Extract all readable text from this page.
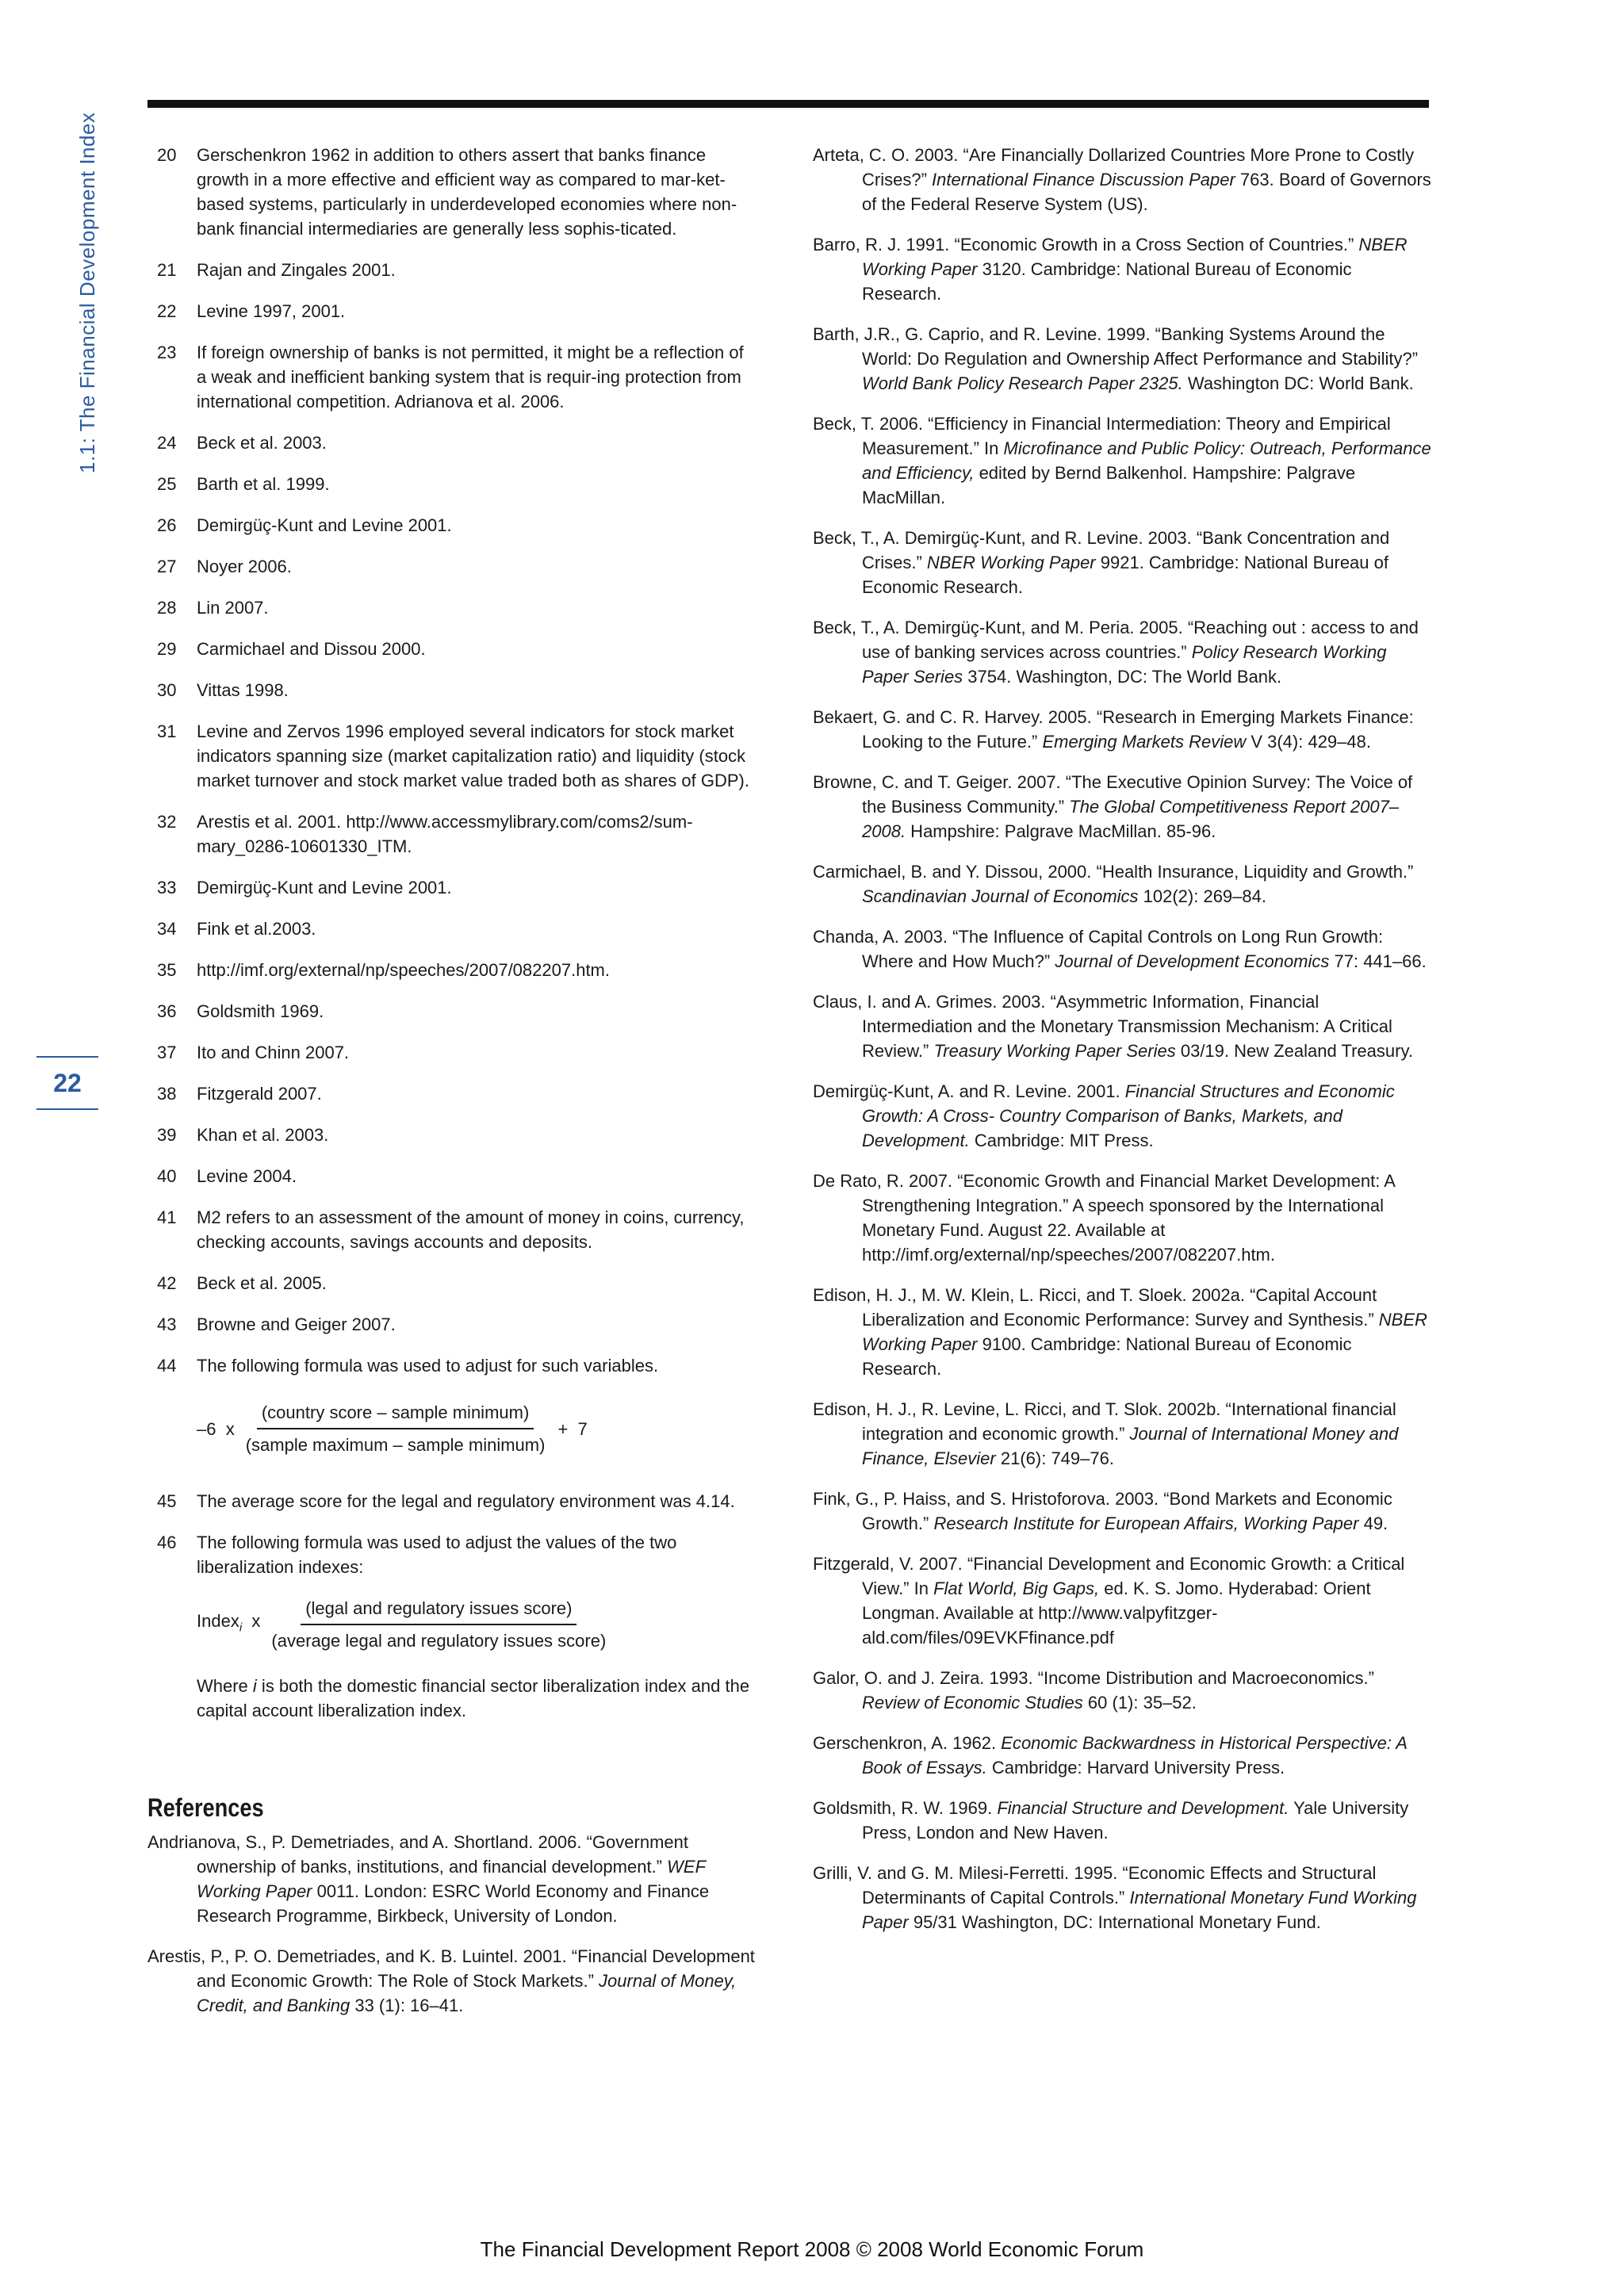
1.1: The Financial Development Index
22
20	Gerschenkron 1962 in addition to others assert that banks finance growth in a more effective and efficient way as compared to mar-ket-based systems, particularly in underdeveloped economies where non-bank financial intermediaries are generally less sophis-ticated.
21	Rajan and Zingales 2001.
22	Levine 1997, 2001.
23	If foreign ownership of banks is not permitted, it might be a reflection of a weak and inefficient banking system that is requir-ing protection from international competition. Adrianova et al. 2006.
24	Beck et al. 2003.
25	Barth et al. 1999.
26	Demirgüç-Kunt and Levine 2001.
27	Noyer 2006.
28	Lin 2007.
29	Carmichael and Dissou 2000.
30	Vittas 1998.
31	Levine and Zervos 1996 employed several indicators for stock market indicators spanning size (market capitalization ratio) and liquidity (stock market turnover and stock market value traded both as shares of GDP).
32	Arestis et al. 2001. http://www.accessmylibrary.com/coms2/sum-mary_0286-10601330_ITM.
33	Demirgüç-Kunt and Levine 2001.
34	Fink et al.2003.
35	http://imf.org/external/np/speeches/2007/082207.htm.
36	Goldsmith 1969.
37	Ito and Chinn 2007.
38	Fitzgerald 2007.
39	Khan et al. 2003.
40	Levine 2004.
41	M2 refers to an assessment of the amount of money in coins, currency, checking accounts, savings accounts and deposits.
42	Beck et al. 2005.
43	Browne and Geiger 2007.
44	The following formula was used to adjust for such variables.
–6  x $\frac{\text{(country score – sample minimum)}}{\text{(sample maximum – sample minimum)}} + 7$
45	The average score for the legal and regulatory environment was 4.14.
46	The following formula was used to adjust the values of the two liberalization indexes:
Index$_i$  x $\frac{\text{(legal and regulatory issues score)}}{\text{(average legal and regulatory issues score)}}$
Where i is both the domestic financial sector liberalization index and the capital account liberalization index.
References
Andrianova, S., P. Demetriades, and A. Shortland. 2006. “Government ownership of banks, institutions, and financial development.” WEF Working Paper 0011. London: ESRC World Economy and Finance Research Programme, Birkbeck, University of London.
Arestis, P., P. O. Demetriades, and K. B. Luintel. 2001. “Financial Development and Economic Growth: The Role of Stock Markets.” Journal of Money, Credit, and Banking 33 (1): 16–41.
Arteta, C. O. 2003. “Are Financially Dollarized Countries More Prone to Costly Crises?” International Finance Discussion Paper 763. Board of Governors of the Federal Reserve System (US).
Barro, R. J. 1991. “Economic Growth in a Cross Section of Countries.” NBER Working Paper 3120. Cambridge: National Bureau of Economic Research.
Barth, J.R., G. Caprio, and R. Levine. 1999. “Banking Systems Around the World: Do Regulation and Ownership Affect Performance and Stability?” World Bank Policy Research Paper 2325. Washington DC: World Bank.
Beck, T. 2006. “Efficiency in Financial Intermediation: Theory and Empirical Measurement.” In Microfinance and Public Policy: Outreach, Performance and Efficiency, edited by Bernd Balkenhol. Hampshire: Palgrave MacMillan.
Beck, T., A. Demirgüç-Kunt, and R. Levine. 2003. “Bank Concentration and Crises.” NBER Working Paper 9921. Cambridge: National Bureau of Economic Research.
Beck, T., A. Demirgüç-Kunt, and M. Peria. 2005. “Reaching out : access to and use of banking services across countries.” Policy Research Working Paper Series 3754. Washington, DC: The World Bank.
Bekaert, G. and C. R. Harvey. 2005. “Research in Emerging Markets Finance: Looking to the Future.” Emerging Markets Review V 3(4): 429–48.
Browne, C. and T. Geiger. 2007. “The Executive Opinion Survey: The Voice of the Business Community.” The Global Competitiveness Report 2007–2008. Hampshire: Palgrave MacMillan. 85-96.
Carmichael, B. and Y. Dissou, 2000. “Health Insurance, Liquidity and Growth.” Scandinavian Journal of Economics 102(2): 269–84.
Chanda, A. 2003. “The Influence of Capital Controls on Long Run Growth: Where and How Much?” Journal of Development Economics 77: 441–66.
Claus, I. and A. Grimes. 2003. “Asymmetric Information, Financial Intermediation and the Monetary Transmission Mechanism: A Critical Review.” Treasury Working Paper Series 03/19. New Zealand Treasury.
Demirgüç-Kunt, A. and R. Levine. 2001. Financial Structures and Economic Growth: A Cross- Country Comparison of Banks, Markets, and Development. Cambridge: MIT Press.
De Rato, R. 2007. “Economic Growth and Financial Market Development: A Strengthening Integration.” A speech sponsored by the International Monetary Fund. August 22. Available at http://imf.org/external/np/speeches/2007/082207.htm.
Edison, H. J., M. W. Klein, L. Ricci, and T. Sloek. 2002a. “Capital Account Liberalization and Economic Performance: Survey and Synthesis.” NBER Working Paper 9100. Cambridge: National Bureau of Economic Research.
Edison, H. J., R. Levine, L. Ricci, and T. Slok. 2002b. “International financial integration and economic growth.” Journal of International Money and Finance, Elsevier 21(6): 749–76.
Fink, G., P. Haiss, and S. Hristoforova. 2003. “Bond Markets and Economic Growth.” Research Institute for European Affairs, Working Paper 49.
Fitzgerald, V. 2007. “Financial Development and Economic Growth: a Critical View.” In Flat World, Big Gaps, ed. K. S. Jomo. Hyderabad: Orient Longman. Available at http://www.valpyfitzger-ald.com/files/09EVKFfinance.pdf
Galor, O. and J. Zeira. 1993. “Income Distribution and Macroeconomics.” Review of Economic Studies 60 (1): 35–52.
Gerschenkron, A. 1962. Economic Backwardness in Historical Perspective: A Book of Essays. Cambridge: Harvard University Press.
Goldsmith, R. W. 1969. Financial Structure and Development. Yale University Press, London and New Haven.
Grilli, V. and G. M. Milesi-Ferretti. 1995. “Economic Effects and Structural Determinants of Capital Controls.” International Monetary Fund Working Paper 95/31 Washington, DC: International Monetary Fund.
The Financial Development Report 2008 © 2008 World Economic Forum
